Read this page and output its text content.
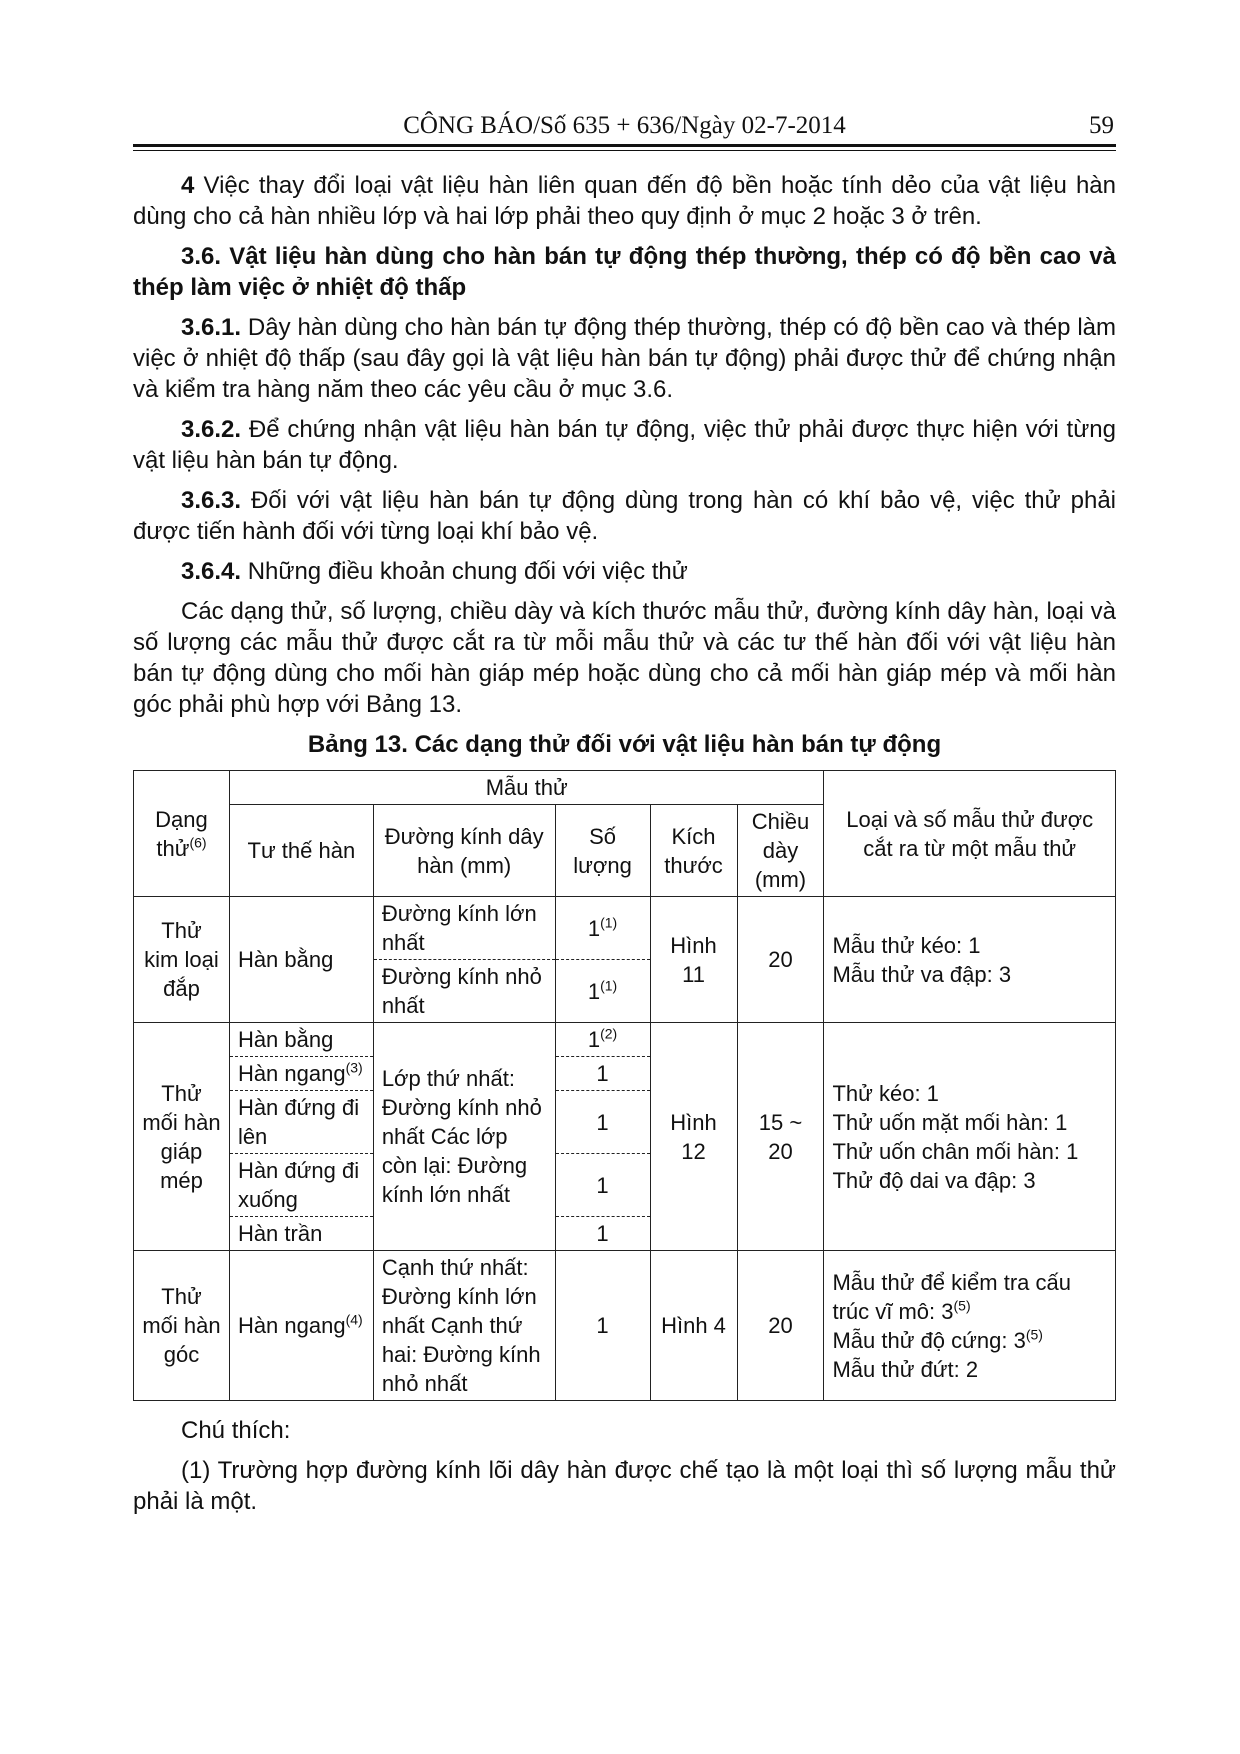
CÔNG BÁO/Số 635 + 636/Ngày 02-7-2014	59

4 Việc thay đổi loại vật liệu hàn liên quan đến độ bền hoặc tính dẻo của vật liệu hàn dùng cho cả hàn nhiều lớp và hai lớp phải theo quy định ở mục 2 hoặc 3 ở trên.

3.6. Vật liệu hàn dùng cho hàn bán tự động thép thường, thép có độ bền cao và thép làm việc ở nhiệt độ thấp

3.6.1. Dây hàn dùng cho hàn bán tự động thép thường, thép có độ bền cao và thép làm việc ở nhiệt độ thấp (sau đây gọi là vật liệu hàn bán tự động) phải được thử để chứng nhận và kiểm tra hàng năm theo các yêu cầu ở mục 3.6.

3.6.2. Để chứng nhận vật liệu hàn bán tự động, việc thử phải được thực hiện với từng vật liệu hàn bán tự động.

3.6.3. Đối với vật liệu hàn bán tự động dùng trong hàn có khí bảo vệ, việc thử phải được tiến hành đối với từng loại khí bảo vệ.

3.6.4. Những điều khoản chung đối với việc thử

Các dạng thử, số lượng, chiều dày và kích thước mẫu thử, đường kính dây hàn, loại và số lượng các mẫu thử được cắt ra từ mỗi mẫu thử và các tư thế hàn đối với vật liệu hàn bán tự động dùng cho mối hàn giáp mép hoặc dùng cho cả mối hàn giáp mép và mối hàn góc phải phù hợp với Bảng 13.

Bảng 13. Các dạng thử đối với vật liệu hàn bán tự động

Dạng thử$^{(6)}$	Mẫu thử					Loại và số mẫu thử được cắt ra từ một mẫu thử
	Tư thế hàn	Đường kính dây hàn (mm)	Số lượng	Kích thước	Chiều dày (mm)	
Thử kim loại đắp	Hàn bằng	Đường kính lớn nhất	1$^{(1)}$	Hình 11	20	Mẫu thử kéo: 1
Mẫu thử va đập: 3

		Đường kính nhỏ nhất	1$^{(1)}$
Thử mối hàn giáp mép	Hàn bằng	Lớp thứ nhất: Đường kính nhỏ nhất Các lớp còn lại: Đường kính lớn nhất	1$^{(2)}$	Hình 12	15 ~ 20	Thử kéo: 1
Thử uốn mặt mối hàn: 1
Thử uốn chân mối hàn: 1
Thử độ dai va đập: 3

	Hàn ngang$^{(3)}$		1			
	Hàn đứng đi lên		1			
	Hàn đứng đi xuống		1			
	Hàn trần		1			
Thử mối hàn góc	Hàn ngang$^{(4)}$	Cạnh thứ nhất: Đường kính lớn nhất Cạnh thứ hai: Đường kính nhỏ nhất	1	Hình 4	20	Mẫu thử để kiểm tra cấu trúc vĩ mô: 3$^{(5)}$
Mẫu thử độ cứng: 3$^{(5)}$
Mẫu thử đứt: 2

Chú thích:

(1) Trường hợp đường kính lõi dây hàn được chế tạo là một loại thì số lượng mẫu thử phải là một.
